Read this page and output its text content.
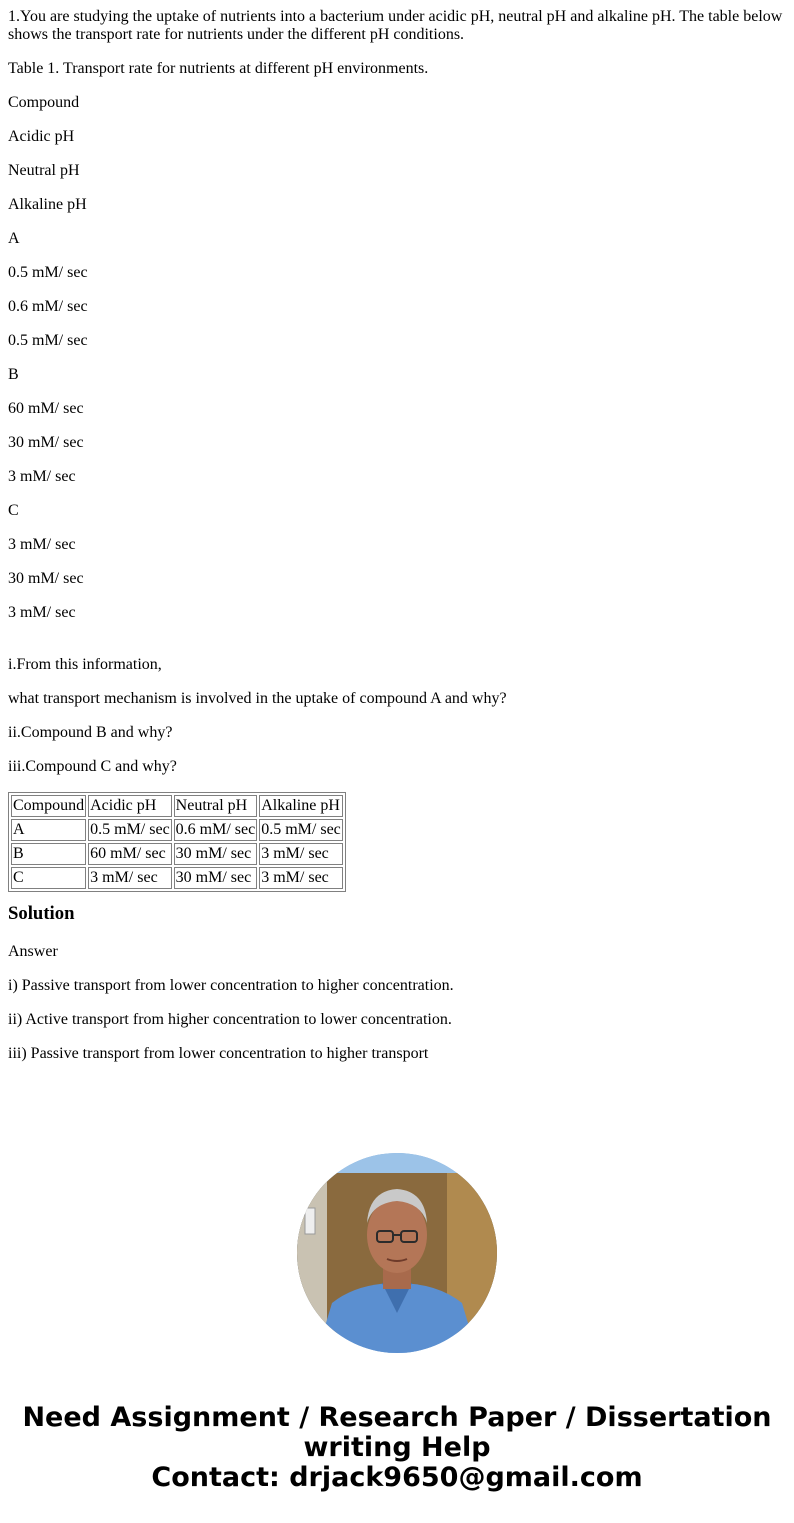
1.You are studying the uptake of nutrients into a bacterium under acidic pH, neutral pH and alkaline pH. The table below shows the transport rate for nutrients under the different pH conditions.

Table 1. Transport rate for nutrients at different pH environments.

Compound

Acidic pH

Neutral pH

Alkaline pH

A

0.5 mM/ sec

0.6 mM/ sec

0.5 mM/ sec

B

60 mM/ sec

30 mM/ sec

3 mM/ sec

C

3 mM/ sec

30 mM/ sec

3 mM/ sec

i.From this information,

what transport mechanism is involved in the uptake of compound A and why?

ii.Compound B and why?

iii.Compound C and why?

Compound	Acidic pH	Neutral pH	Alkaline pH
A	0.5 mM/ sec	0.6 mM/ sec	0.5 mM/ sec
B	60 mM/ sec	30 mM/ sec	3 mM/ sec
C	3 mM/ sec	30 mM/ sec	3 mM/ sec
Solution

Answer

i) Passive transport from lower concentration to higher concentration.

ii) Active transport from higher concentration to lower concentration.

iii) Passive transport from lower concentration to higher transport

Need Assignment / Research Paper / Dissertation
writing Help
Contact: drjack9650@gmail.com
